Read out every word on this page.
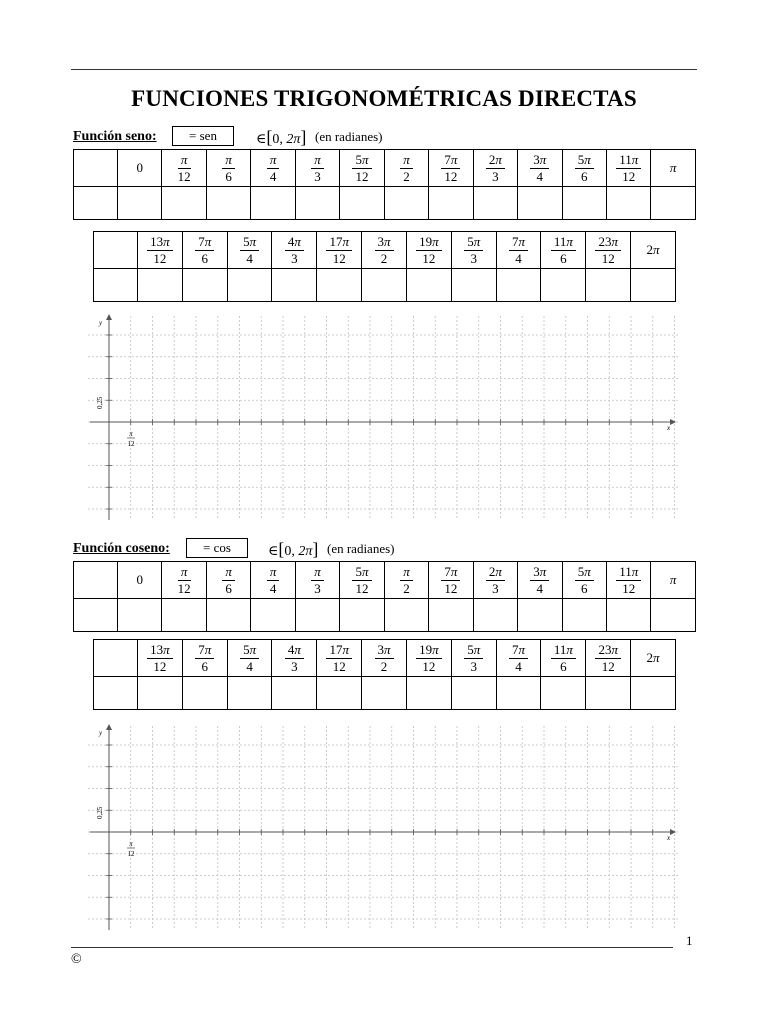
FUNCIONES TRIGONOMÉTRICAS DIRECTAS
Función seno:	= sen	∈[0, 2π] (en radianes)
	0	$\frac{\pi}{12}$	$\frac{\pi}{6}$	$\frac{\pi}{4}$	$\frac{\pi}{3}$	$\frac{5\pi}{12}$	$\frac{\pi}{2}$	$\frac{7\pi}{12}$	$\frac{2\pi}{3}$	$\frac{3\pi}{4}$	$\frac{5\pi}{6}$	$\frac{11\pi}{12}$	π

	$\frac{13\pi}{12}$	$\frac{7\pi}{6}$	$\frac{5\pi}{4}$	$\frac{4\pi}{3}$	$\frac{17\pi}{12}$	$\frac{3\pi}{2}$	$\frac{19\pi}{12}$	$\frac{5\pi}{3}$	$\frac{7\pi}{4}$	$\frac{11\pi}{6}$	$\frac{23\pi}{12}$	2π

y
x
0,25
π
12
Función coseno:	= cos	∈[0, 2π] (en radianes)
	0	$\frac{\pi}{12}$	$\frac{\pi}{6}$	$\frac{\pi}{4}$	$\frac{\pi}{3}$	$\frac{5\pi}{12}$	$\frac{\pi}{2}$	$\frac{7\pi}{12}$	$\frac{2\pi}{3}$	$\frac{3\pi}{4}$	$\frac{5\pi}{6}$	$\frac{11\pi}{12}$	π

	$\frac{13\pi}{12}$	$\frac{7\pi}{6}$	$\frac{5\pi}{4}$	$\frac{4\pi}{3}$	$\frac{17\pi}{12}$	$\frac{3\pi}{2}$	$\frac{19\pi}{12}$	$\frac{5\pi}{3}$	$\frac{7\pi}{4}$	$\frac{11\pi}{6}$	$\frac{23\pi}{12}$	2π

y
x
0,25
π
12
1
©
